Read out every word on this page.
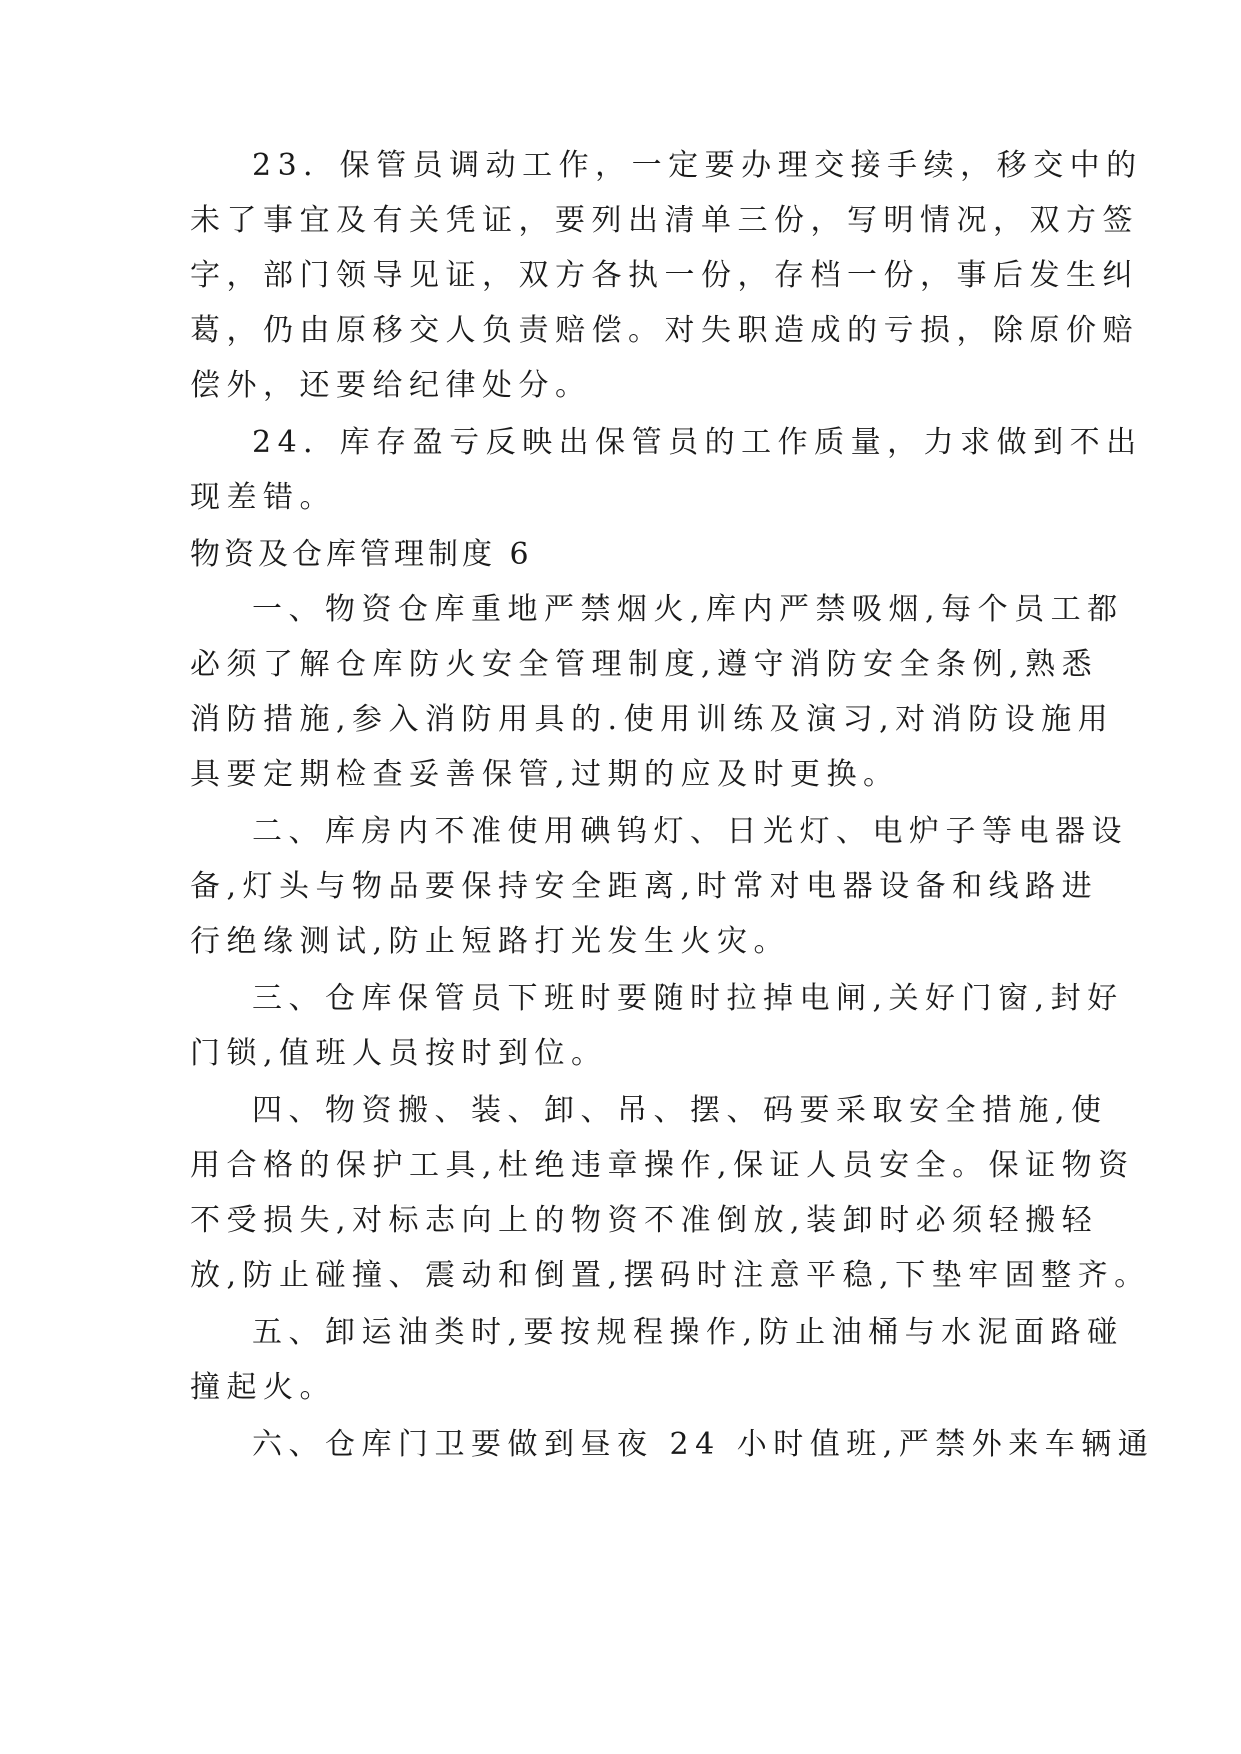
23．保管员调动工作，一定要办理交接手续，移交中的
未了事宜及有关凭证，要列出清单三份，写明情况，双方签
字，部门领导见证，双方各执一份，存档一份，事后发生纠
葛，仍由原移交人负责赔偿。对失职造成的亏损，除原价赔
偿外，还要给纪律处分。
24．库存盈亏反映出保管员的工作质量，力求做到不出
现差错。
物资及仓库管理制度 6
一、物资仓库重地严禁烟火,库内严禁吸烟,每个员工都
必须了解仓库防火安全管理制度,遵守消防安全条例,熟悉
消防措施,参入消防用具的.使用训练及演习,对消防设施用
具要定期检查妥善保管,过期的应及时更换。
二、库房内不准使用碘钨灯、日光灯、电炉子等电器设
备,灯头与物品要保持安全距离,时常对电器设备和线路进
行绝缘测试,防止短路打光发生火灾。
三、仓库保管员下班时要随时拉掉电闸,关好门窗,封好
门锁,值班人员按时到位。
四、物资搬、装、卸、吊、摆、码要采取安全措施,使
用合格的保护工具,杜绝违章操作,保证人员安全。保证物资
不受损失,对标志向上的物资不准倒放,装卸时必须轻搬轻
放,防止碰撞、震动和倒置,摆码时注意平稳,下垫牢固整齐。
五、卸运油类时,要按规程操作,防止油桶与水泥面路碰
撞起火。
六、仓库门卫要做到昼夜 24 小时值班,严禁外来车辆通
